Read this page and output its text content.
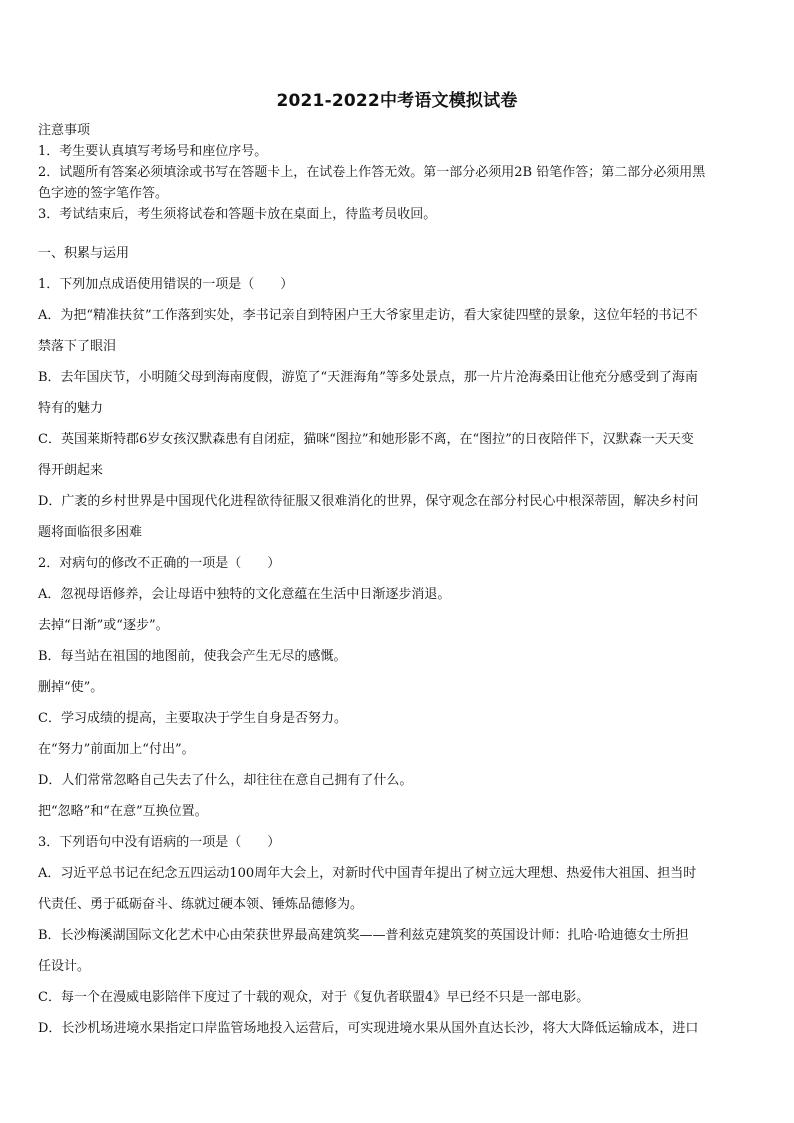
2021-2022中考语文模拟试卷
注意事项
1．考生要认真填写考场号和座位序号。
2．试题所有答案必须填涂或书写在答题卡上，在试卷上作答无效。第一部分必须用2B 铅笔作答；第二部分必须用黑
色字迹的签字笔作答。
3．考试结束后，考生须将试卷和答题卡放在桌面上，待监考员收回。
一、积累与运用
1．下列加点成语使用错误的一项是（　　）
A．为把“精准扶贫”工作落到实处，李书记亲自到特困户王大爷家里走访，看大家徒四壁的景象，这位年轻的书记不
禁落下了眼泪
B．去年国庆节，小明随父母到海南度假，游览了“天涯海角”等多处景点，那一片片沧海桑田让他充分感受到了海南
特有的魅力
C．英国莱斯特郡6岁女孩汉默森患有自闭症，猫咪“图拉”和她形影不离，在“图拉”的日夜陪伴下，汉默森一天天变
得开朗起来
D．广袤的乡村世界是中国现代化进程欲待征服又很难消化的世界，保守观念在部分村民心中根深蒂固，解决乡村问
题将面临很多困难
2．对病句的修改不正确的一项是（　　）
A．忽视母语修养，会让母语中独特的文化意蕴在生活中日渐逐步消退。
去掉“日渐”或“逐步”。
B．每当站在祖国的地图前，使我会产生无尽的感慨。
删掉“使”。
C．学习成绩的提高，主要取决于学生自身是否努力。
在“努力”前面加上“付出”。
D．人们常常忽略自己失去了什么，却往往在意自己拥有了什么。
把“忽略”和“在意”互换位置。
3．下列语句中没有语病的一项是（　　）
A．习近平总书记在纪念五四运动100周年大会上，对新时代中国青年提出了树立远大理想、热爱伟大祖国、担当时
代责任、勇于砥砺奋斗、练就过硬本领、锤炼品德修为。
B．长沙梅溪湖国际文化艺术中心由荣获世界最高建筑奖——普利兹克建筑奖的英国设计师：扎哈·哈迪德女士所担
任设计。
C．每一个在漫威电影陪伴下度过了十载的观众，对于《复仇者联盟4》早已经不只是一部电影。
D．长沙机场进境水果指定口岸监管场地投入运营后，可实现进境水果从国外直达长沙，将大大降低运输成本，进口
